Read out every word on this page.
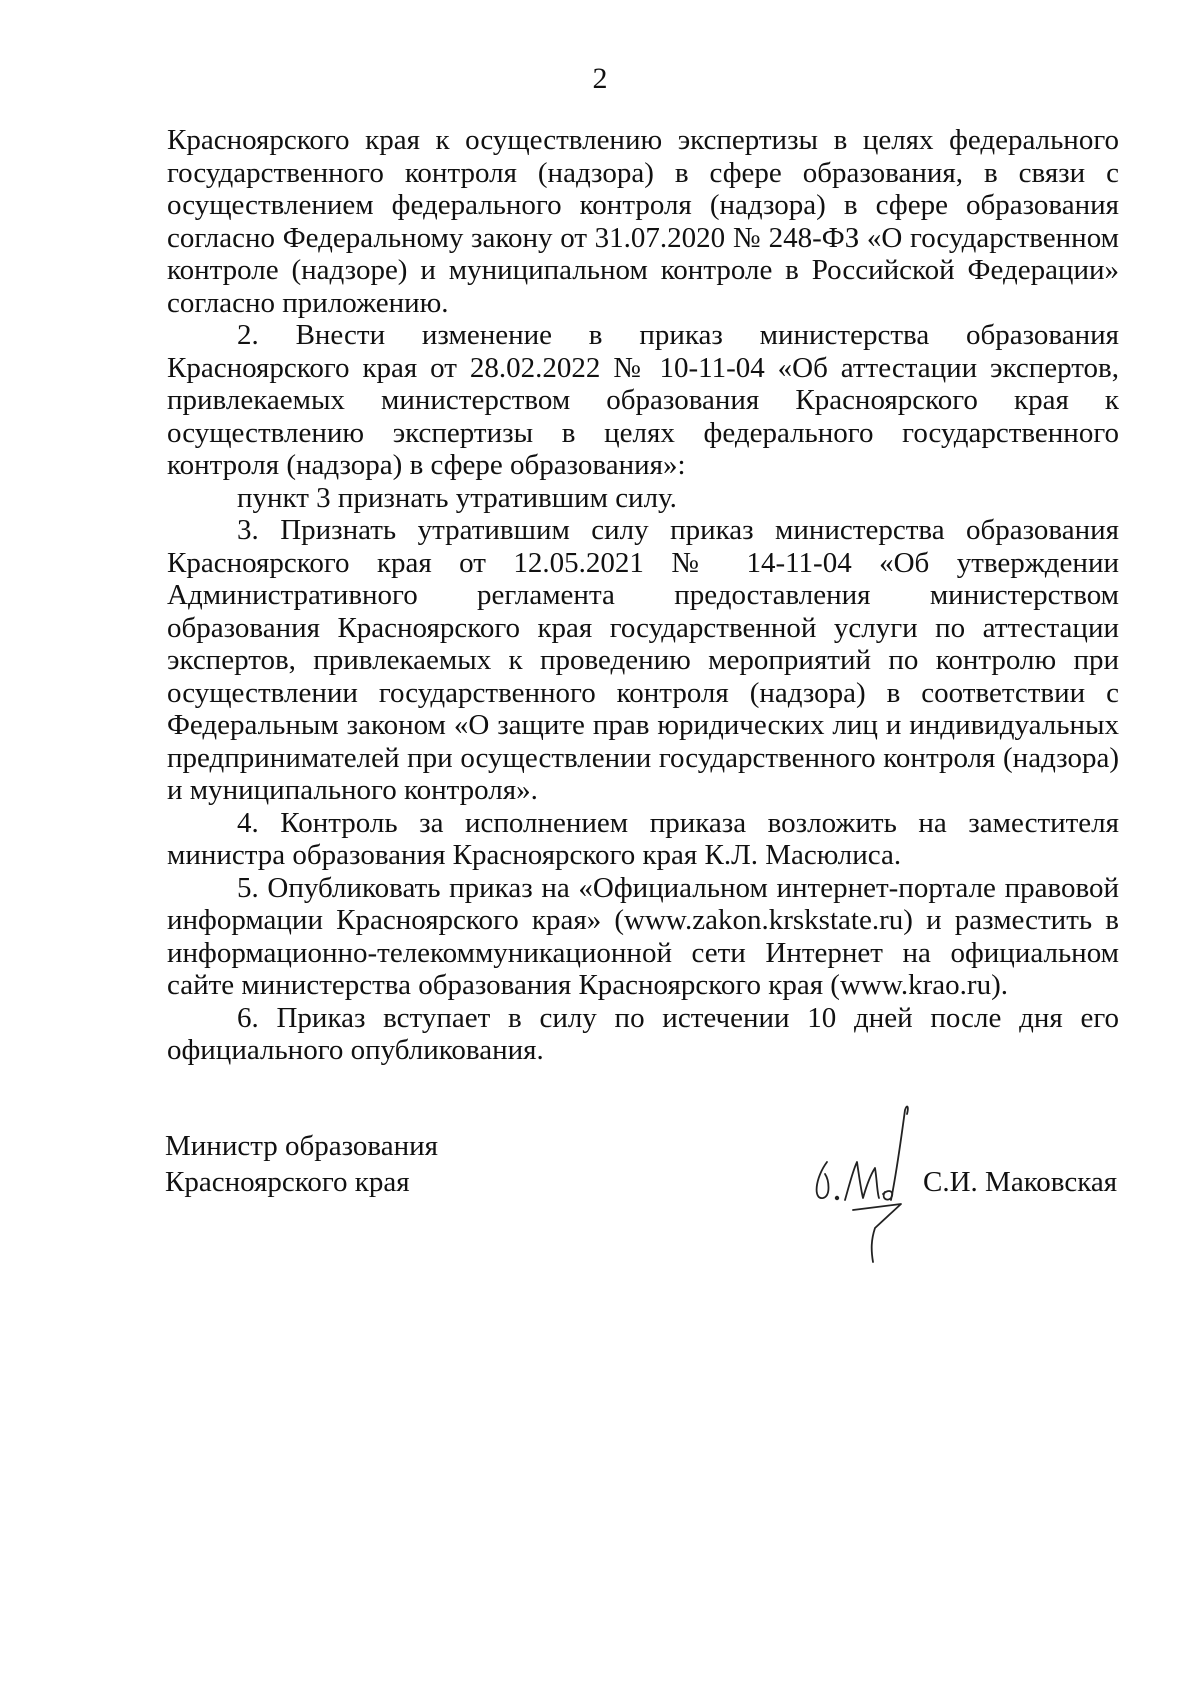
2

Красноярского края к осуществлению экспертизы в целях федерального государственного контроля (надзора) в сфере образования, в связи с осуществлением федерального контроля (надзора) в сфере образования согласно Федеральному закону от 31.07.2020 № 248-ФЗ «О государственном контроле (надзоре) и муниципальном контроле в Российской Федерации» согласно приложению.

2. Внести изменение в приказ министерства образования Красноярского края от 28.02.2022 № 10-11-04 «Об аттестации экспертов, привлекаемых министерством образования Красноярского края к осуществлению экспертизы в целях федерального государственного контроля (надзора) в сфере образования»:

пункт 3 признать утратившим силу.

3. Признать утратившим силу приказ министерства образования Красноярского края от 12.05.2021 № 14-11-04 «Об утверждении Административного регламента предоставления министерством образования Красноярского края государственной услуги по аттестации экспертов, привлекаемых к проведению мероприятий по контролю при осуществлении государственного контроля (надзора) в соответствии с Федеральным законом «О защите прав юридических лиц и индивидуальных предпринимателей при осуществлении государственного контроля (надзора) и муниципального контроля».

4. Контроль за исполнением приказа возложить на заместителя министра образования Красноярского края К.Л. Масюлиса.

5. Опубликовать приказ на «Официальном интернет-портале правовой информации Красноярского края» (www.zakon.krskstate.ru) и разместить в информационно-телекоммуникационной сети Интернет на официальном сайте министерства образования Красноярского края (www.krao.ru).

6. Приказ вступает в силу по истечении 10 дней после дня его официального опубликования.

Министр образования
Красноярского края	С.И. Маковская
